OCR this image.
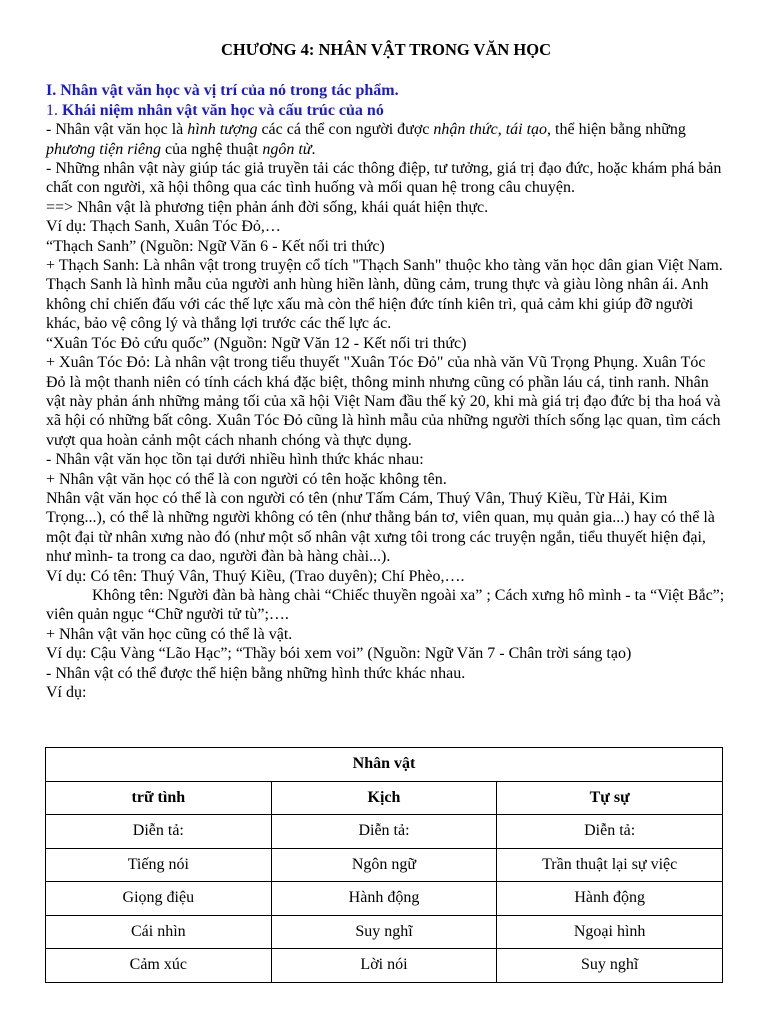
CHƯƠNG 4: NHÂN VẬT TRONG VĂN HỌC

I. Nhân vật văn học và vị trí của nó trong tác phẩm.

1. Khái niệm nhân vật văn học và cấu trúc của nó

- Nhân vật văn học là hình tượng các cá thể con người được nhận thức, tái tạo, thể hiện bằng những phương tiện riêng của nghệ thuật ngôn từ.

- Những nhân vật này giúp tác giả truyền tải các thông điệp, tư tưởng, giá trị đạo đức, hoặc khám phá bản chất con người, xã hội thông qua các tình huống và mối quan hệ trong câu chuyện.

==> Nhân vật là phương tiện phản ánh đời sống, khái quát hiện thực.

Ví dụ: Thạch Sanh, Xuân Tóc Đỏ,…

“Thạch Sanh” (Nguồn: Ngữ Văn 6 - Kết nối tri thức)

+ Thạch Sanh: Là nhân vật trong truyện cổ tích "Thạch Sanh" thuộc kho tàng văn học dân gian Việt Nam. Thạch Sanh là hình mẫu của người anh hùng hiền lành, dũng cảm, trung thực và giàu lòng nhân ái. Anh không chỉ chiến đấu với các thế lực xấu mà còn thể hiện đức tính kiên trì, quả cảm khi giúp đỡ người khác, bảo vệ công lý và thắng lợi trước các thế lực ác.

“Xuân Tóc Đỏ cứu quốc” (Nguồn: Ngữ Văn 12 - Kết nối tri thức)

+ Xuân Tóc Đỏ: Là nhân vật trong tiểu thuyết "Xuân Tóc Đỏ" của nhà văn Vũ Trọng Phụng. Xuân Tóc Đỏ là một thanh niên có tính cách khá đặc biệt, thông minh nhưng cũng có phần láu cá, tinh ranh. Nhân vật này phản ánh những mảng tối của xã hội Việt Nam đầu thế kỷ 20, khi mà giá trị đạo đức bị tha hoá và xã hội có những bất công. Xuân Tóc Đỏ cũng là hình mẫu của những người thích sống lạc quan, tìm cách vượt qua hoàn cảnh một cách nhanh chóng và thực dụng.

- Nhân vật văn học tồn tại dưới nhiều hình thức khác nhau:

+ Nhân vật văn học có thể là con người có tên hoặc không tên.

Nhân vật văn học có thể là con người có tên (như Tấm Cám, Thuý Vân, Thuý Kiều, Từ Hải, Kim Trọng...), có thể là những người không có tên (như thằng bán tơ, viên quan, mụ quản gia...) hay có thể là một đại từ nhân xưng nào đó (như một số nhân vật xưng tôi trong các truyện ngắn, tiểu thuyết hiện đại, như mình- ta trong ca dao, người đàn bà hàng chài...).

Ví dụ: Có tên: Thuý Vân, Thuý Kiều, (Trao duyên); Chí Phèo,….

Không tên: Người đàn bà hàng chài “Chiếc thuyền ngoài xa” ; Cách xưng hô mình - ta “Việt Bắc”; viên quản ngục “Chữ người tử tù”;….

+ Nhân vật văn học cũng có thể là vật.

Ví dụ: Cậu Vàng “Lão Hạc”; “Thầy bói xem voi” (Nguồn: Ngữ Văn 7 - Chân trời sáng tạo)

- Nhân vật có thể được thể hiện bằng những hình thức khác nhau.

Ví dụ:

Nhân vật		
trữ tình	Kịch	Tự sự
Diễn tả:	Diễn tả:	Diễn tả:
Tiếng nói	Ngôn ngữ	Trần thuật lại sự việc
Giọng điệu	Hành động	Hành động
Cái nhìn	Suy nghĩ	Ngoại hình
Cảm xúc	Lời nói	Suy nghĩ
